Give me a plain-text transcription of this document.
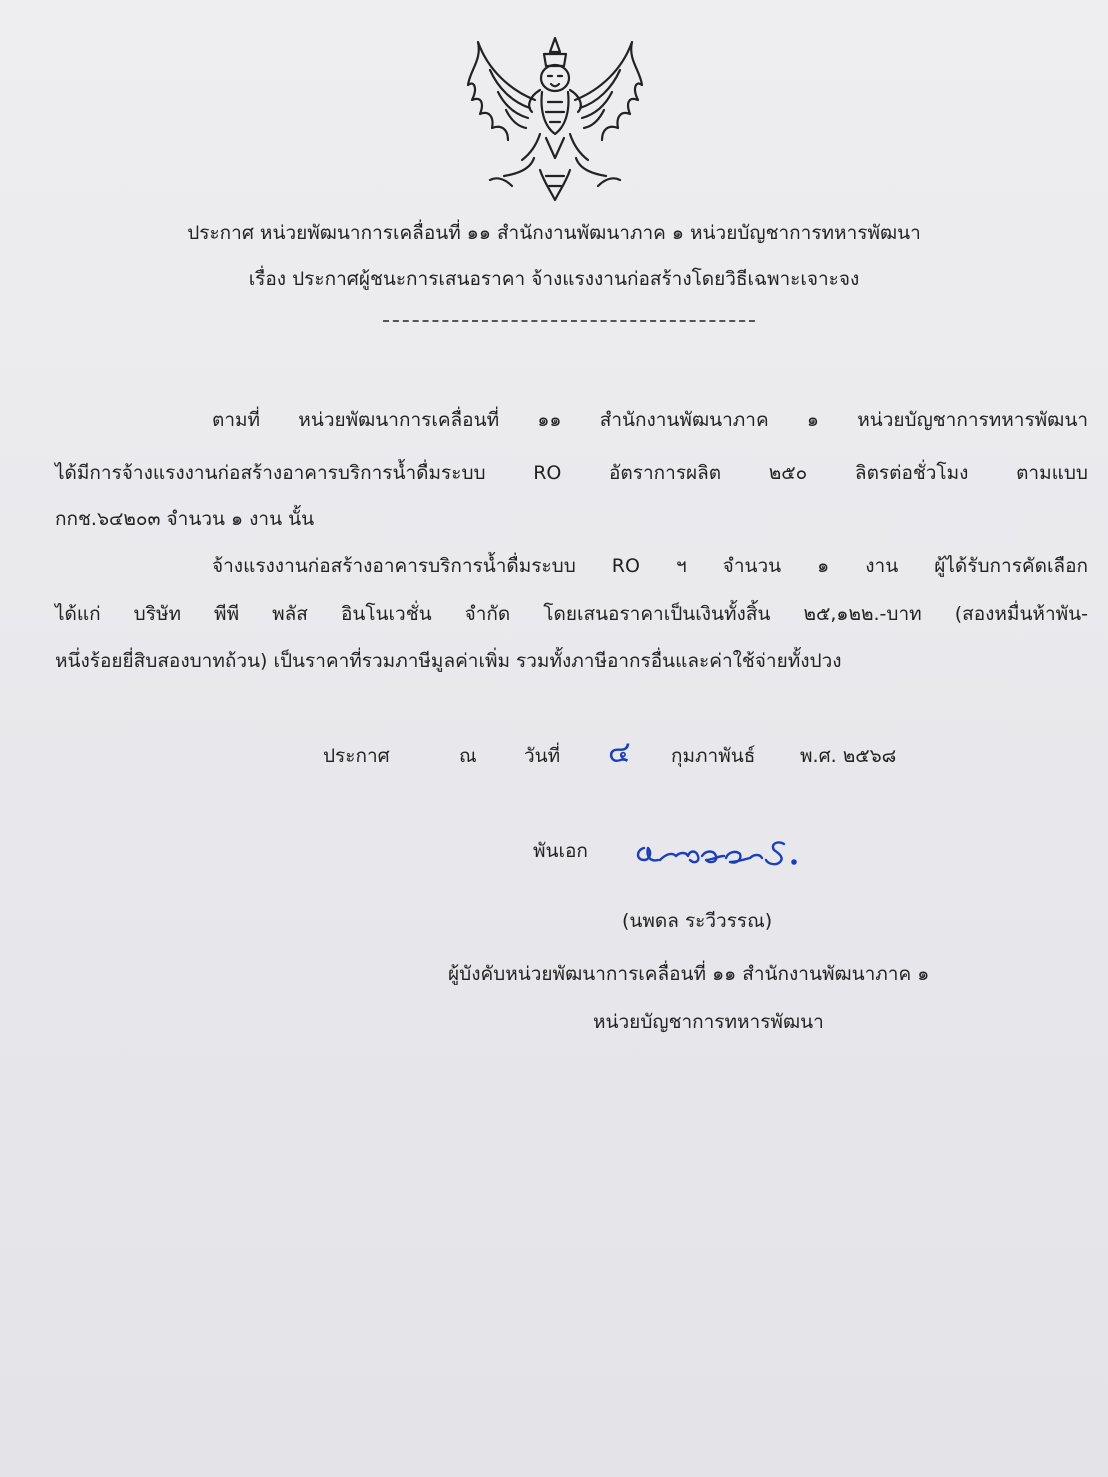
ประกาศ หน่วยพัฒนาการเคลื่อนที่ ๑๑ สำนักงานพัฒนาภาค ๑ หน่วยบัญชาการทหารพัฒนา
เรื่อง ประกาศผู้ชนะการเสนอราคา จ้างแรงงานก่อสร้างโดยวิธีเฉพาะเจาะจง
ตามที่ หน่วยพัฒนาการเคลื่อนที่ ๑๑ สำนักงานพัฒนาภาค ๑ หน่วยบัญชาการทหารพัฒนา
ได้มีการจ้างแรงงานก่อสร้างอาคารบริการน้ำดื่มระบบ RO อัตราการผลิต ๒๕๐ ลิตรต่อชั่วโมง ตามแบบ
กกช.๖๔๒๐๓ จำนวน ๑ งาน นั้น
จ้างแรงงานก่อสร้างอาคารบริการน้ำดื่มระบบ RO ฯ จำนวน ๑ งาน ผู้ได้รับการคัดเลือก
ได้แก่ บริษัท พีพี พลัส อินโนเวชั่น จำกัด โดยเสนอราคาเป็นเงินทั้งสิ้น ๒๕,๑๒๒.-บาท (สองหมื่นห้าพัน-
หนึ่งร้อยยี่สิบสองบาทถ้วน) เป็นราคาที่รวมภาษีมูลค่าเพิ่ม รวมทั้งภาษีอากรอื่นและค่าใช้จ่ายทั้งปวง
ประกาศ	ณ วันที่ ๔ กุมภาพันธ์ พ.ศ. ๒๕๖๘
พันเอก
(นพดล ระวีวรรณ)
ผู้บังคับหน่วยพัฒนาการเคลื่อนที่ ๑๑ สำนักงานพัฒนาภาค ๑
หน่วยบัญชาการทหารพัฒนา
